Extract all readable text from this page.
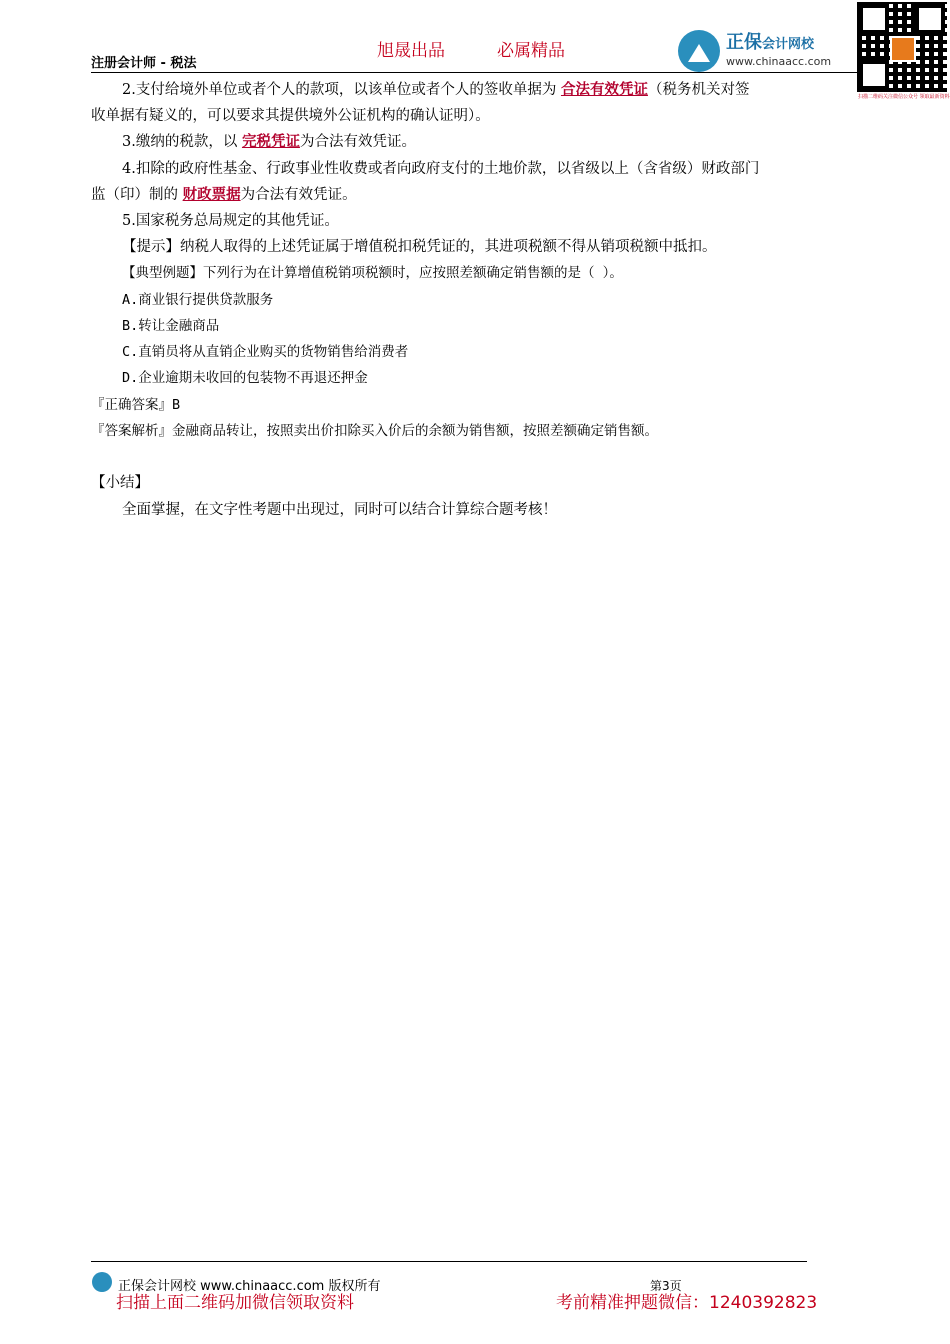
旭晟出品	必属精品	正保会计网校
www.chinaacc.com
扫描二维码关注微信公众号 领取最新资料
注册会计师 - 税法
2.支付给境外单位或者个人的款项，以该单位或者个人的签收单据为 合法有效凭证（税务机关对签
收单据有疑义的，可以要求其提供境外公证机构的确认证明）。
3.缴纳的税款，以 完税凭证为合法有效凭证。
4.扣除的政府性基金、行政事业性收费或者向政府支付的土地价款，以省级以上（含省级）财政部门
监（印）制的 财政票据为合法有效凭证。
5.国家税务总局规定的其他凭证。
【提示】纳税人取得的上述凭证属于增值税扣税凭证的，其进项税额不得从销项税额中抵扣。
【典型例题】下列行为在计算增值税销项税额时，应按照差额确定销售额的是（ ）。
A.商业银行提供贷款服务
B.转让金融商品
C.直销员将从直销企业购买的货物销售给消费者
D.企业逾期未收回的包装物不再退还押金
『正确答案』B
『答案解析』金融商品转让，按照卖出价扣除买入价后的余额为销售额，按照差额确定销售额。
【小结】
全面掌握，在文字性考题中出现过，同时可以结合计算综合题考核！
正保会计网校 www.chinaacc.com 版权所有	第3页
扫描上面二维码加微信领取资料	考前精准押题微信：1240392823
